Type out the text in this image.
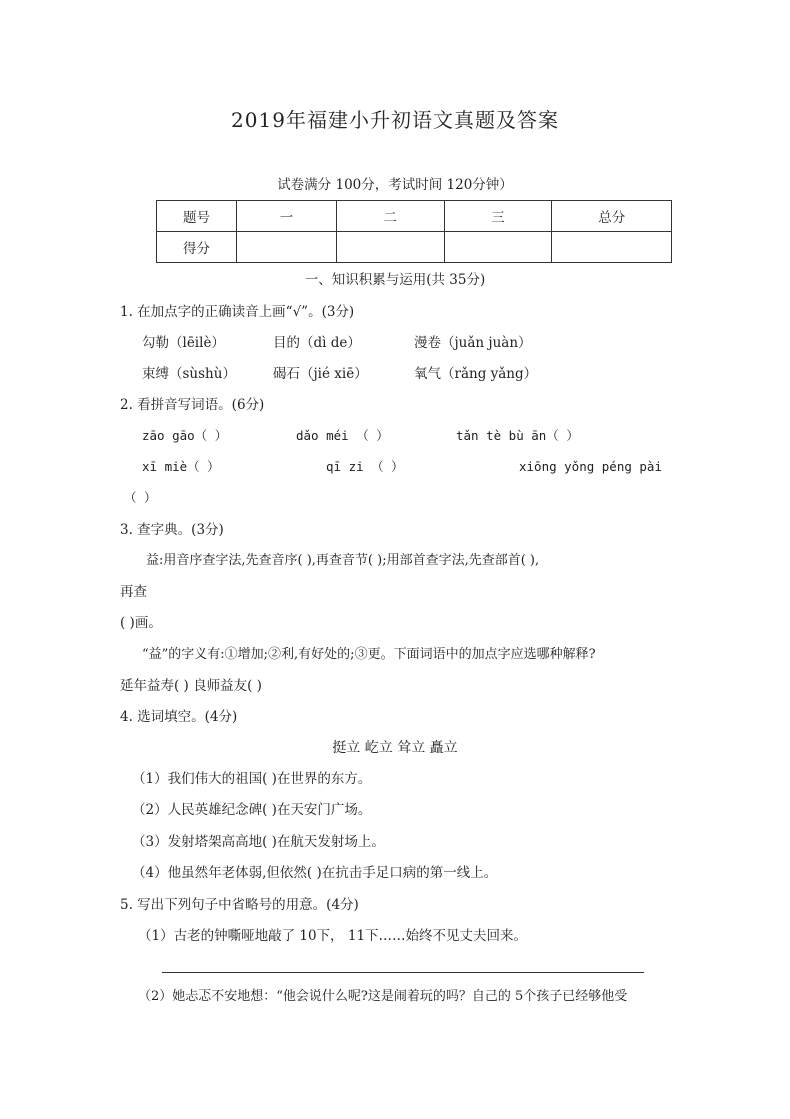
2019年福建小升初语文真题及答案
试卷满分 100分，考试时间 120分钟）
题号	一	二	三	总分
得分				
一、知识积累与运用(共 35分)
1. 在加点字的正确读音上画“√”。(3分)
勾勒（lēilè）	目的（dì de）	漫卷（juǎn juàn）
束缚（sùshù）	碣石（jié xiē）	氧气（rǎng yǎng）
2. 看拼音写词语。(6分)
zāo gāo（ ）	dǎo méi （ ）	tǎn tè bù ān（ ）
xī miè（ ）	qī zi （ ）	xiōng yǒng péng pài
（ ）
3. 查字典。(3分)
益:用音序查字法,先查音序( ),再查音节( );用部首查字法,先查部首( ),
再查
( )画。
“益”的字义有:①增加;②利,有好处的;③更。下面词语中的加点字应选哪种解释?
延年益寿( ) 良师益友( )
4. 选词填空。(4分)
挺立 屹立 耸立 矗立
（1）我们伟大的祖国( )在世界的东方。
（2）人民英雄纪念碑( )在天安门广场。
（3）发射塔架高高地( )在航天发射场上。
（4）他虽然年老体弱,但依然( )在抗击手足口病的第一线上。
5. 写出下列句子中省略号的用意。(4分)
（1）古老的钟嘶哑地敲了 10下， 11下……始终不见丈夫回来。
（2）她忐忑不安地想：“他会说什么呢?这是闹着玩的吗？自己的 5个孩子已经够他受
